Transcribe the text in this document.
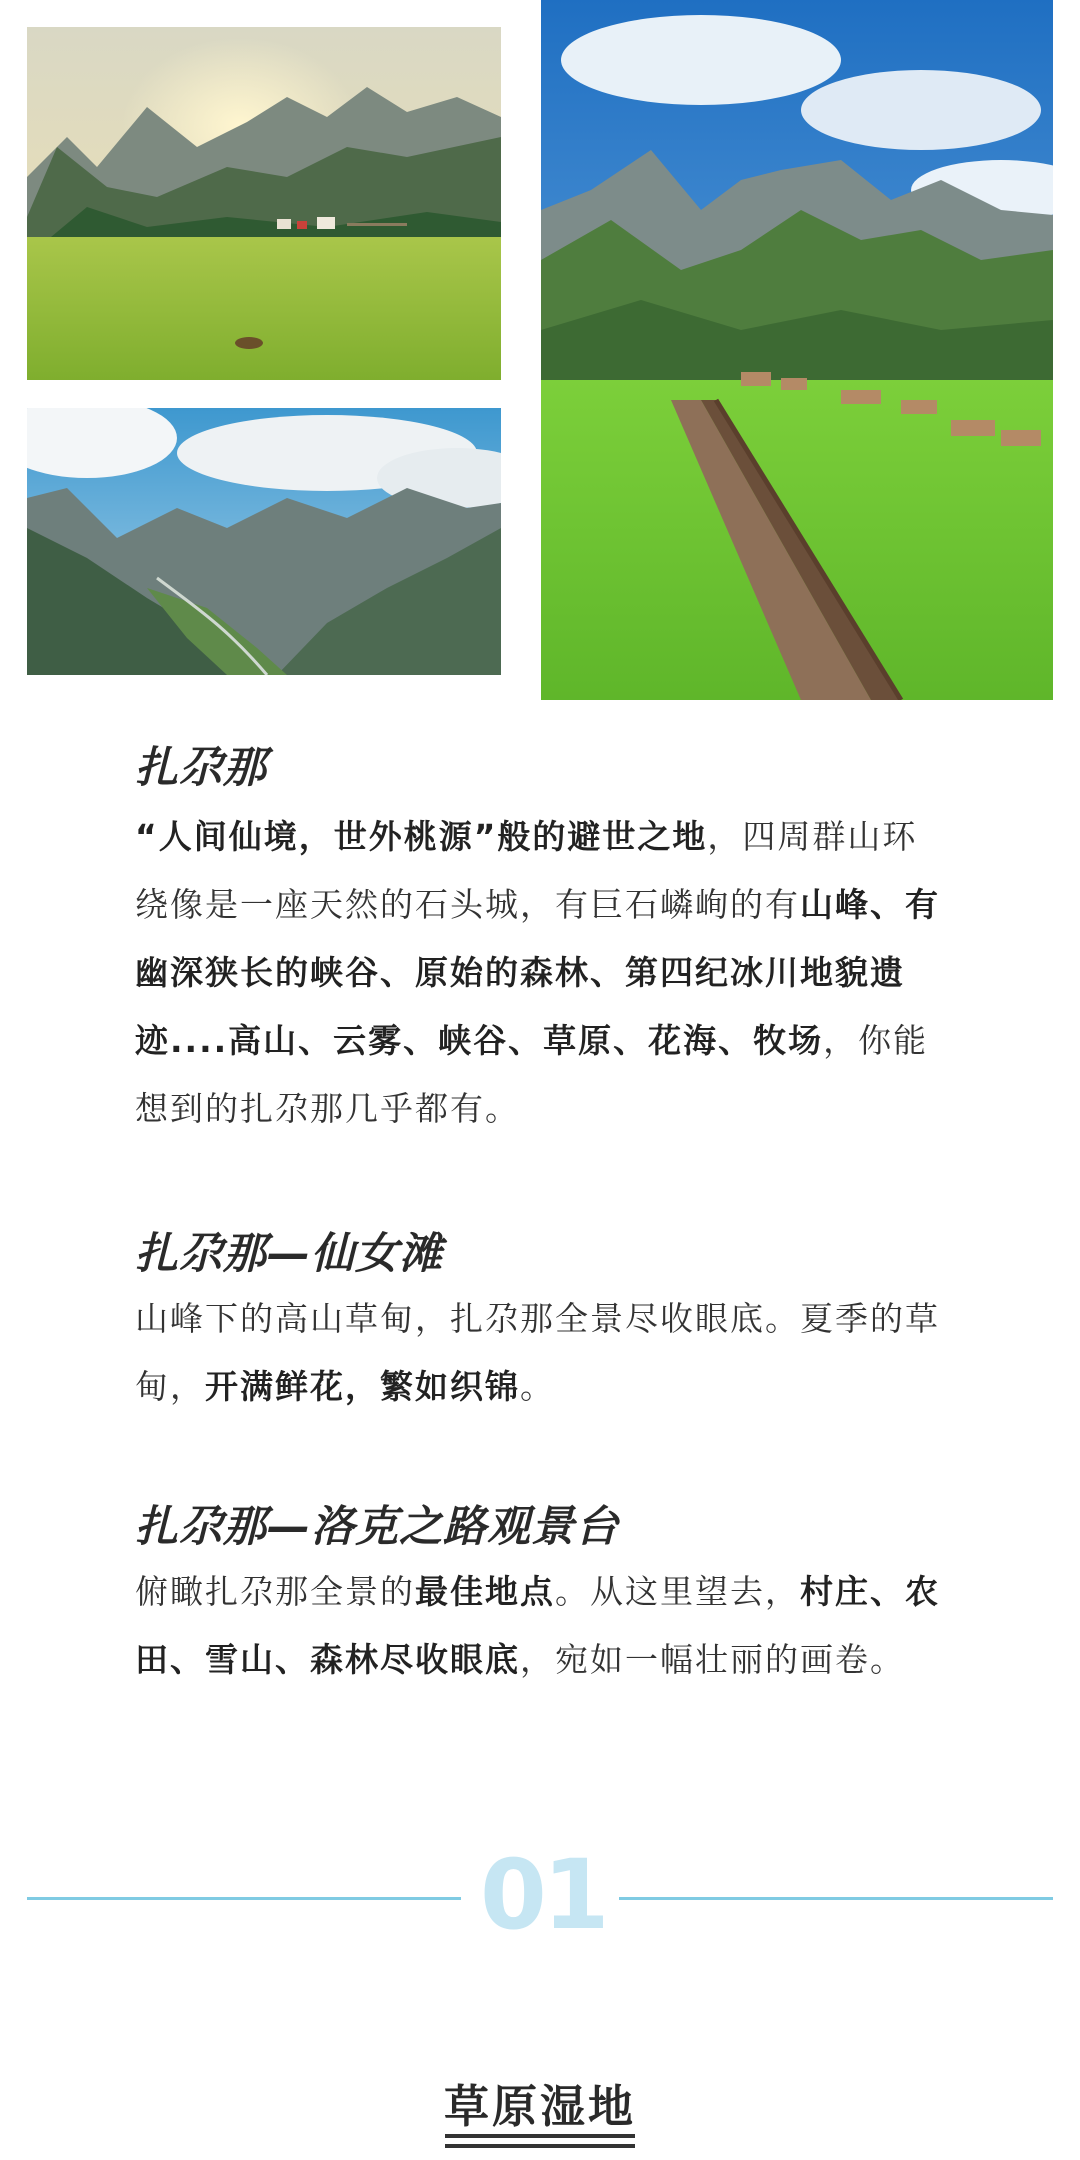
扎尕那

“人间仙境，世外桃源”般的避世之地，四周群山环绕像是一座天然的石头城，有巨石嶙峋的有山峰、有幽深狭长的峡谷、原始的森林、第四纪冰川地貌遗迹....高山、云雾、峡谷、草原、花海、牧场，你能想到的扎尕那几乎都有。

扎尕那—仙女滩

山峰下的高山草甸，扎尕那全景尽收眼底。夏季的草甸，开满鲜花，繁如织锦。

扎尕那—洛克之路观景台

俯瞰扎尕那全景的最佳地点。从这里望去，村庄、农田、雪山、森林尽收眼底，宛如一幅壮丽的画卷。

01
草原湿地
